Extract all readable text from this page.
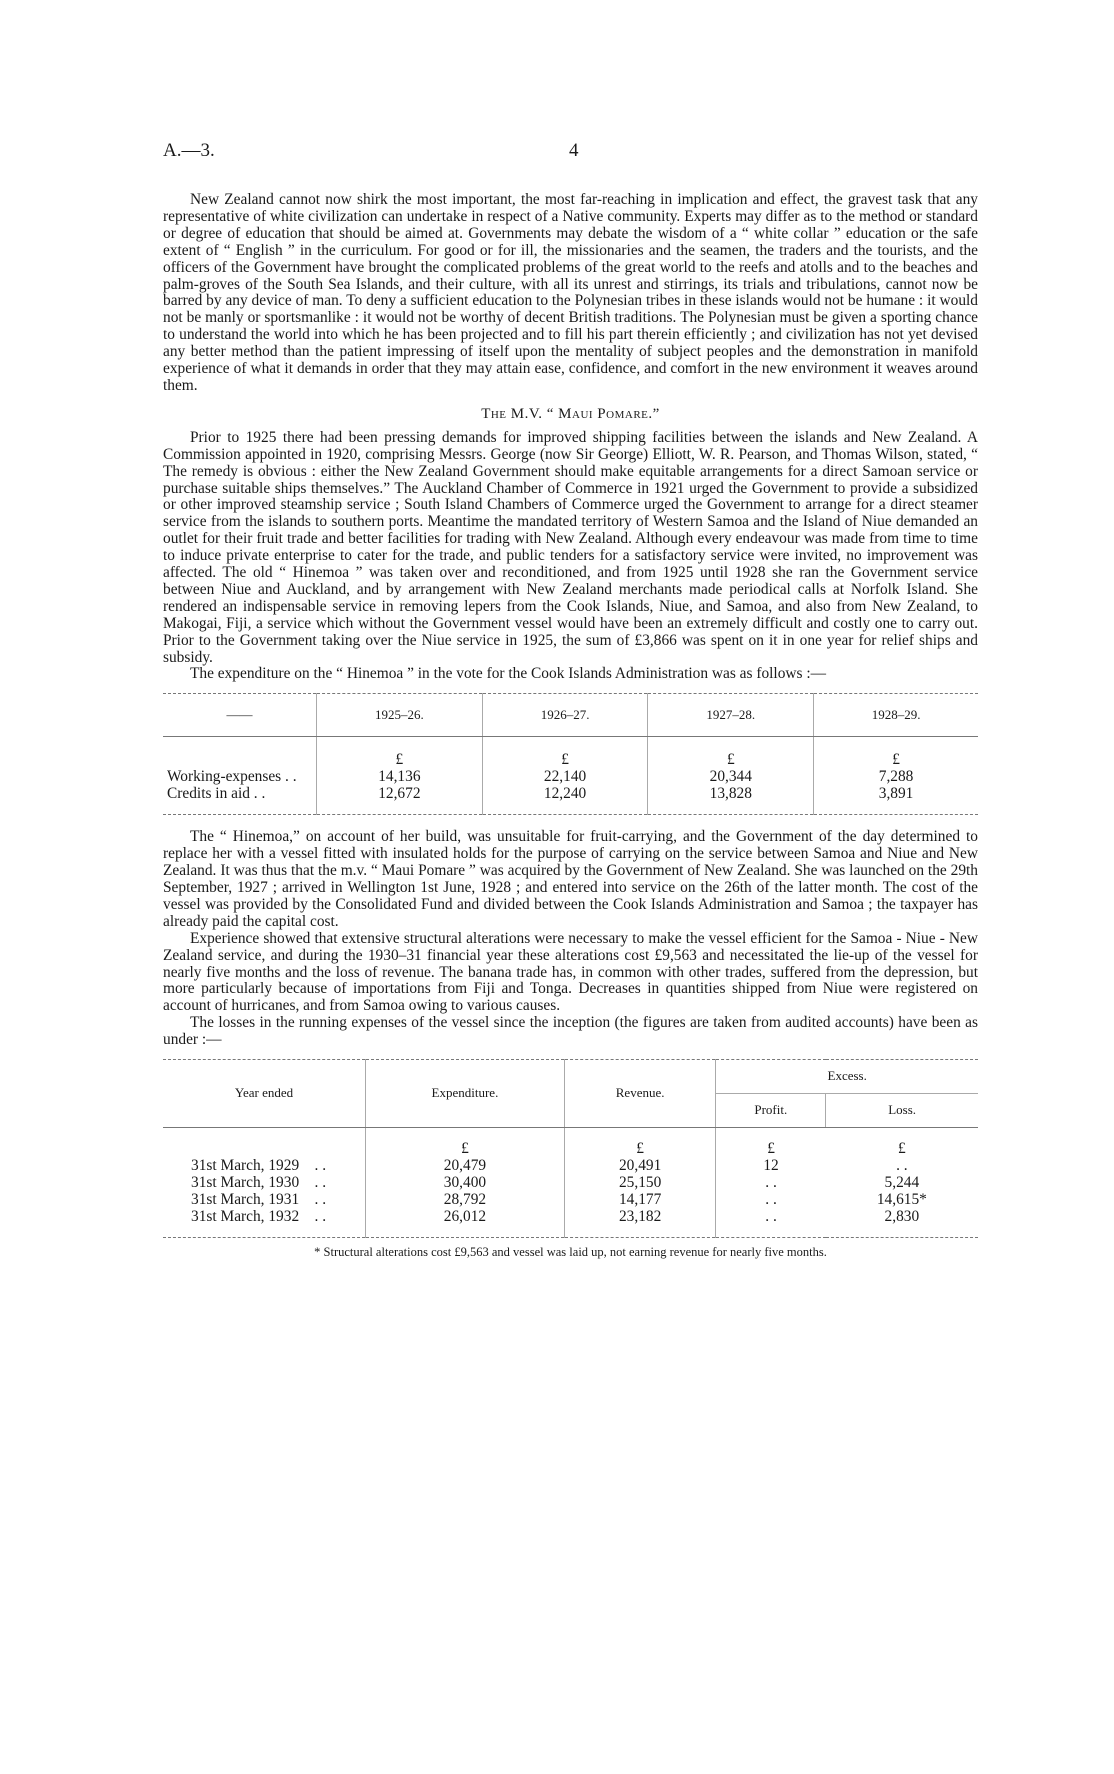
A.—3.	4

New Zealand cannot now shirk the most important, the most far-reaching in implication and effect, the gravest task that any representative of white civilization can undertake in respect of a Native community. Experts may differ as to the method or standard or degree of education that should be aimed at. Governments may debate the wisdom of a “ white collar ” education or the safe extent of “ English ” in the curriculum. For good or for ill, the missionaries and the seamen, the traders and the tourists, and the officers of the Government have brought the complicated problems of the great world to the reefs and atolls and to the beaches and palm-groves of the South Sea Islands, and their culture, with all its unrest and stirrings, its trials and tribulations, cannot now be barred by any device of man. To deny a sufficient education to the Polynesian tribes in these islands would not be humane : it would not be manly or sportsmanlike : it would not be worthy of decent British traditions. The Polynesian must be given a sporting chance to understand the world into which he has been projected and to fill his part therein efficiently ; and civilization has not yet devised any better method than the patient impressing of itself upon the mentality of subject peoples and the demonstration in manifold experience of what it demands in order that they may attain ease, confidence, and comfort in the new environment it weaves around them.

The M.V. “ Maui Pomare.”

Prior to 1925 there had been pressing demands for improved shipping facilities between the islands and New Zealand. A Commission appointed in 1920, comprising Messrs. George (now Sir George) Elliott, W. R. Pearson, and Thomas Wilson, stated, “ The remedy is obvious : either the New Zealand Government should make equitable arrangements for a direct Samoan service or purchase suitable ships themselves.” The Auckland Chamber of Commerce in 1921 urged the Government to provide a subsidized or other improved steamship service ; South Island Chambers of Commerce urged the Government to arrange for a direct steamer service from the islands to southern ports. Meantime the mandated territory of Western Samoa and the Island of Niue demanded an outlet for their fruit trade and better facilities for trading with New Zealand. Although every endeavour was made from time to time to induce private enterprise to cater for the trade, and public tenders for a satisfactory service were invited, no improvement was affected. The old “ Hinemoa ” was taken over and reconditioned, and from 1925 until 1928 she ran the Government service between Niue and Auckland, and by arrangement with New Zealand merchants made periodical calls at Norfolk Island. She rendered an indispensable service in removing lepers from the Cook Islands, Niue, and Samoa, and also from New Zealand, to Makogai, Fiji, a service which without the Government vessel would have been an extremely difficult and costly one to carry out. Prior to the Government taking over the Niue service in 1925, the sum of £3,866 was spent on it in one year for relief ships and subsidy.

The expenditure on the “ Hinemoa ” in the vote for the Cook Islands Administration was as follows :—

——	1925–26.	1926–27.	1927–28.	1928–29.

	£	£	£	£
Working-expenses . .	14,136	22,140	20,344	7,288
Credits in aid . .	12,672	12,240	13,828	3,891

The “ Hinemoa,” on account of her build, was unsuitable for fruit-carrying, and the Government of the day determined to replace her with a vessel fitted with insulated holds for the purpose of carrying on the service between Samoa and Niue and New Zealand. It was thus that the m.v. “ Maui Pomare ” was acquired by the Government of New Zealand. She was launched on the 29th September, 1927 ; arrived in Wellington 1st June, 1928 ; and entered into service on the 26th of the latter month. The cost of the vessel was provided by the Consolidated Fund and divided between the Cook Islands Administration and Samoa ; the taxpayer has already paid the capital cost.

Experience showed that extensive structural alterations were necessary to make the vessel efficient for the Samoa - Niue - New Zealand service, and during the 1930–31 financial year these alterations cost £9,563 and necessitated the lie-up of the vessel for nearly five months and the loss of revenue. The banana trade has, in common with other trades, suffered from the depression, but more particularly because of importations from Fiji and Tonga. Decreases in quantities shipped from Niue were registered on account of hurricanes, and from Samoa owing to various causes.

The losses in the running expenses of the vessel since the inception (the figures are taken from audited accounts) have been as under :—

Year ended	Expenditure.	Revenue.	Excess.	
			Profit.	Loss.
	£	£	£	£
31st March, 1929 . .	20,479	20,491	12	. .
31st March, 1930 . .	30,400	25,150	. .	5,244
31st March, 1931 . .	28,792	14,177	. .	14,615*
31st March, 1932 . .	26,012	23,182	. .	2,830
* Structural alterations cost £9,563 and vessel was laid up, not earning revenue for nearly five months.
